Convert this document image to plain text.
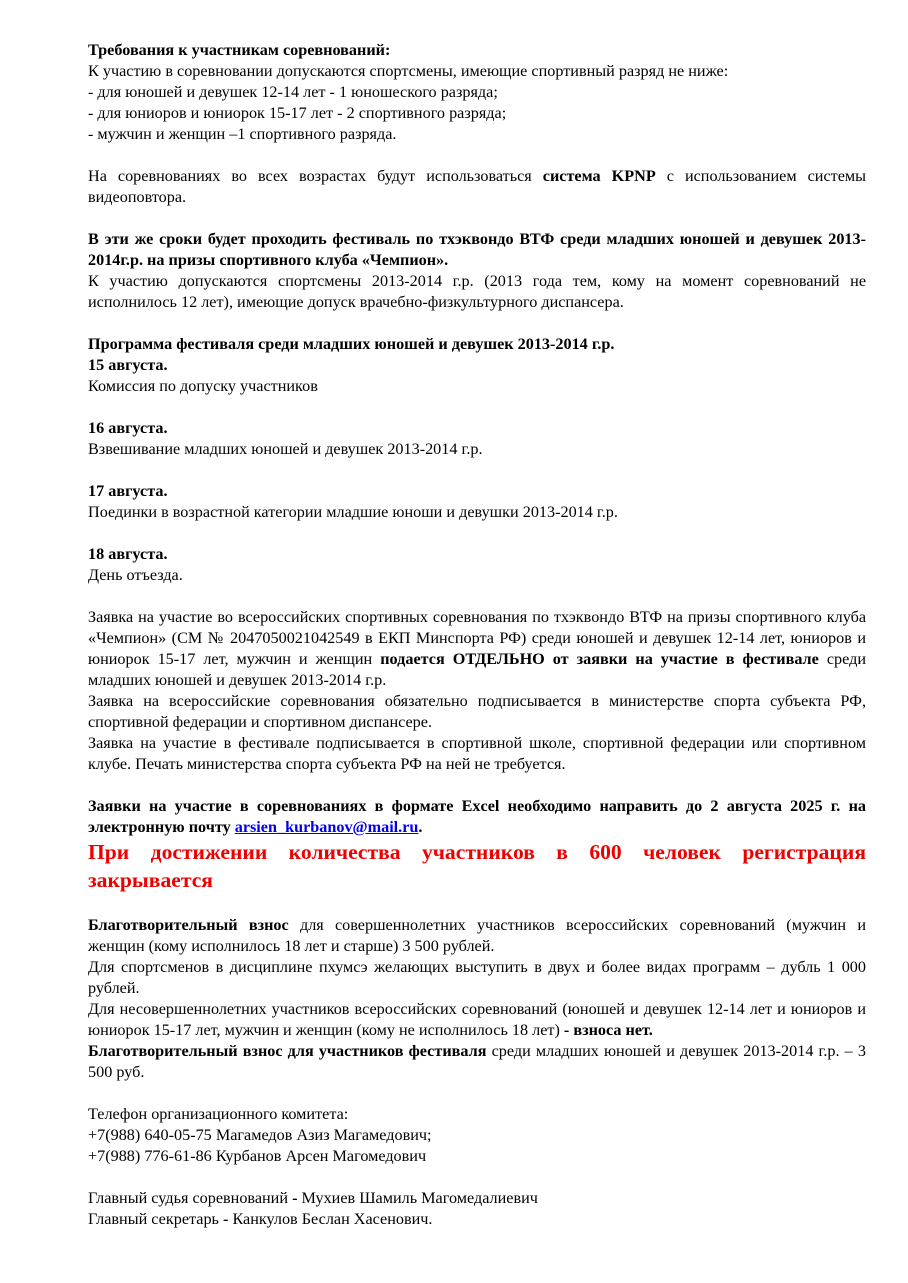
Требования к участникам соревнований:

К участию в соревновании допускаются спортсмены, имеющие спортивный разряд не ниже:

- для юношей и девушек 12-14 лет - 1 юношеского разряда;

- для юниоров и юниорок 15-17 лет - 2 спортивного разряда;

- мужчин и женщин –1 спортивного разряда.

На соревнованиях во всех возрастах будут использоваться система KPNP с использованием системы видеоповтора.

В эти же сроки будет проходить фестиваль по тхэквондо ВТФ среди младших юношей и девушек 2013-2014г.р. на призы спортивного клуба «Чемпион».

К участию допускаются спортсмены 2013-2014 г.р. (2013 года тем, кому на момент соревнований не исполнилось 12 лет), имеющие допуск врачебно-физкультурного диспансера.

Программа фестиваля среди младших юношей и девушек 2013-2014 г.р.

15 августа.

Комиссия по допуску участников

16 августа.

Взвешивание младших юношей и девушек 2013-2014 г.р.

17 августа.

Поединки в возрастной категории младшие юноши и девушки 2013-2014 г.р.

18 августа.

День отъезда.

Заявка на участие во всероссийских спортивных соревнования по тхэквондо ВТФ на призы спортивного клуба «Чемпион» (СМ № 2047050021042549 в ЕКП Минспорта РФ) среди юношей и девушек 12-14 лет, юниоров и юниорок 15-17 лет, мужчин и женщин подается ОТДЕЛЬНО от заявки на участие в фестивале среди младших юношей и девушек 2013-2014 г.р.

Заявка на всероссийские соревнования обязательно подписывается в министерстве спорта субъекта РФ, спортивной федерации и спортивном диспансере.

Заявка на участие в фестивале подписывается в спортивной школе, спортивной федерации или спортивном клубе. Печать министерства спорта субъекта РФ на ней не требуется.

Заявки на участие в соревнованиях в формате Excel необходимо направить до 2 августа 2025 г. на электронную почту arsien_kurbanov@mail.ru.

При достижении количества участников в 600 человек регистрация закрывается

Благотворительный взнос для совершеннолетних участников всероссийских соревнований (мужчин и женщин (кому исполнилось 18 лет и старше) 3 500 рублей.

Для спортсменов в дисциплине пхумсэ желающих выступить в двух и более видах программ – дубль 1 000 рублей.

Для несовершеннолетних участников всероссийских соревнований (юношей и девушек 12-14 лет и юниоров и юниорок 15-17 лет, мужчин и женщин (кому не исполнилось 18 лет) - взноса нет.

Благотворительный взнос для участников фестиваля среди младших юношей и девушек 2013-2014 г.р. – 3 500 руб.

Телефон организационного комитета:

+7(988) 640-05-75 Магамедов Азиз Магамедович;

+7(988) 776-61-86 Курбанов Арсен Магомедович

Главный судья соревнований - Мухиев Шамиль Магомедалиевич

Главный секретарь - Канкулов Беслан Хасенович.
